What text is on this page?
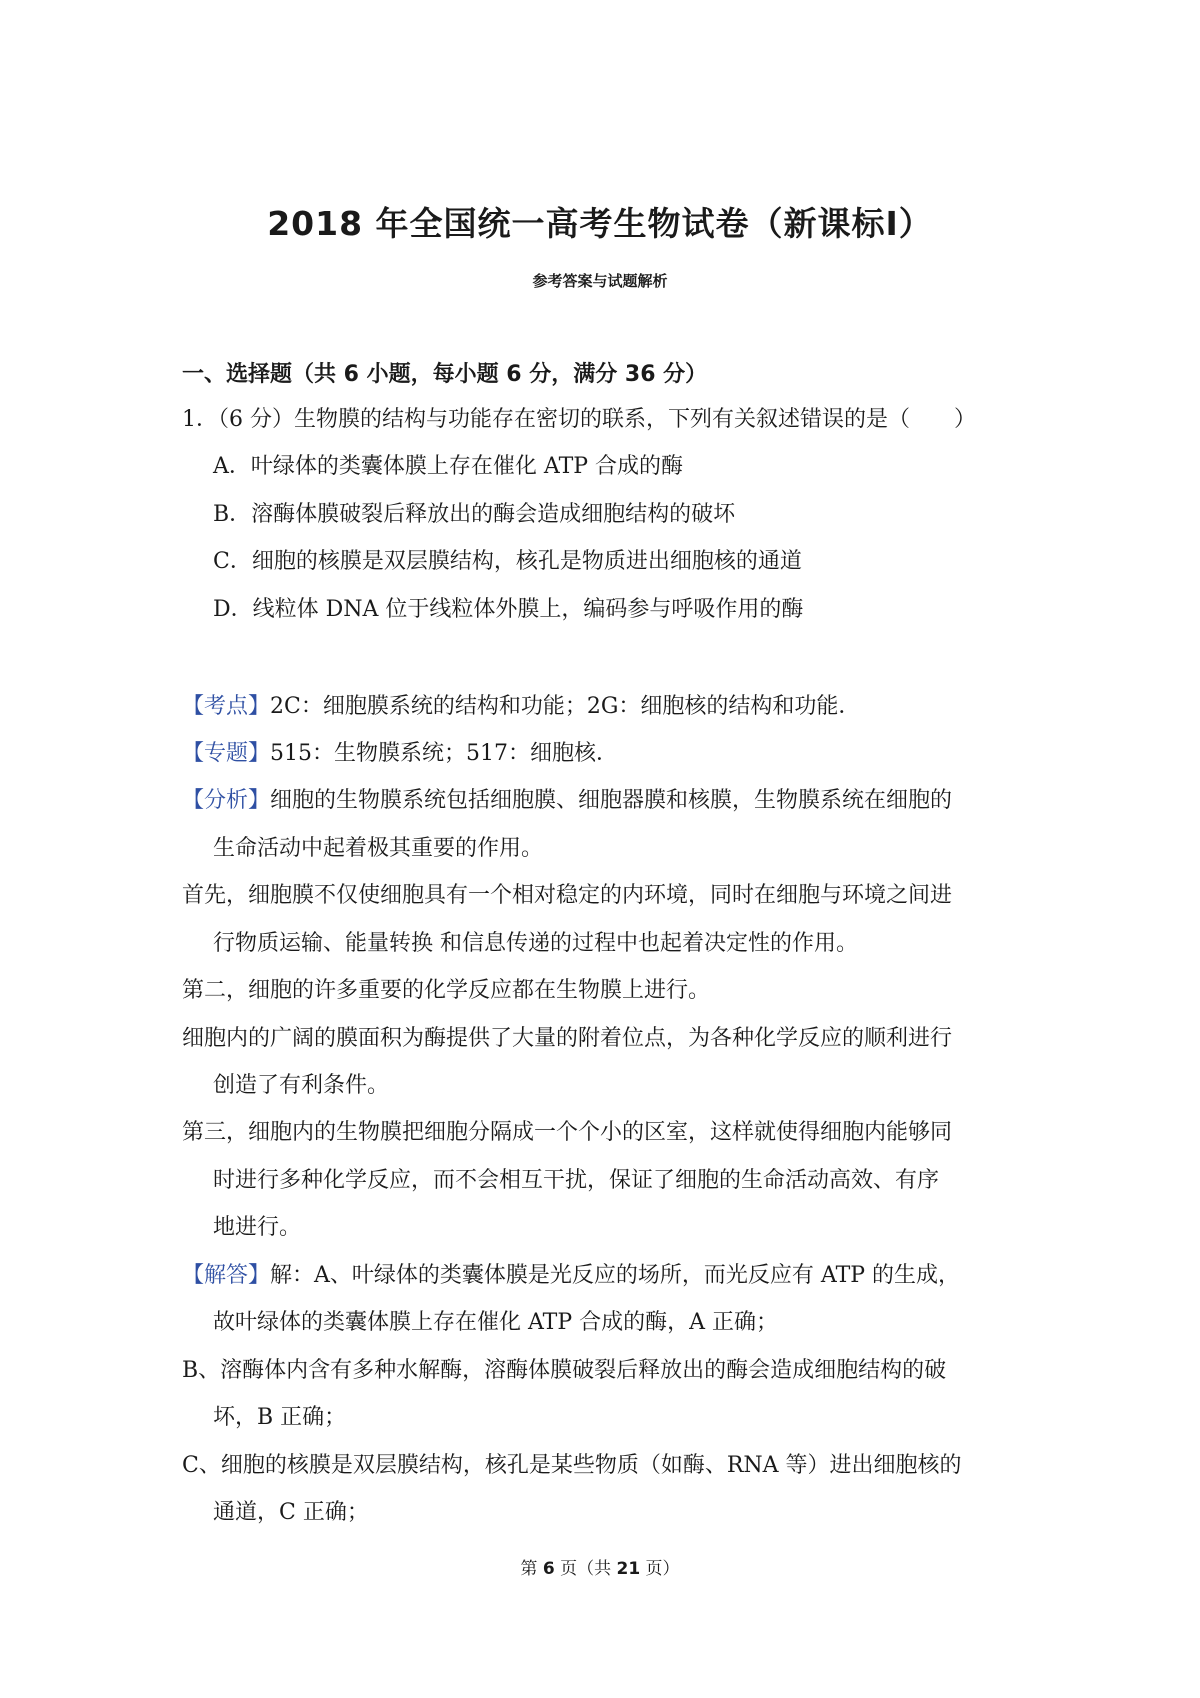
2018 年全国统一高考生物试卷（新课标Ⅰ）
参考答案与试题解析
一、选择题（共 6 小题，每小题 6 分，满分 36 分）
1．（6 分）生物膜的结构与功能存在密切的联系，下列有关叙述错误的是（　　）
A．叶绿体的类囊体膜上存在催化 ATP 合成的酶
B．溶酶体膜破裂后释放出的酶会造成细胞结构的破坏
C．细胞的核膜是双层膜结构，核孔是物质进出细胞核的通道
D．线粒体 DNA 位于线粒体外膜上，编码参与呼吸作用的酶
【考点】2C：细胞膜系统的结构和功能；2G：细胞核的结构和功能．
【专题】515：生物膜系统；517：细胞核．
【分析】细胞的生物膜系统包括细胞膜、细胞器膜和核膜，生物膜系统在细胞的
生命活动中起着极其重要的作用。
首先，细胞膜不仅使细胞具有一个相对稳定的内环境，同时在细胞与环境之间进
行物质运输、能量转换 和信息传递的过程中也起着决定性的作用。
第二，细胞的许多重要的化学反应都在生物膜上进行。
细胞内的广阔的膜面积为酶提供了大量的附着位点，为各种化学反应的顺利进行
创造了有利条件。
第三，细胞内的生物膜把细胞分隔成一个个小的区室，这样就使得细胞内能够同
时进行多种化学反应，而不会相互干扰，保证了细胞的生命活动高效、有序
地进行。
【解答】解：A、叶绿体的类囊体膜是光反应的场所，而光反应有 ATP 的生成，
故叶绿体的类囊体膜上存在催化 ATP 合成的酶，A 正确；
B、溶酶体内含有多种水解酶，溶酶体膜破裂后释放出的酶会造成细胞结构的破
坏，B 正确；
C、细胞的核膜是双层膜结构，核孔是某些物质（如酶、RNA 等）进出细胞核的
通道，C 正确；
第 6 页（共 21 页）
